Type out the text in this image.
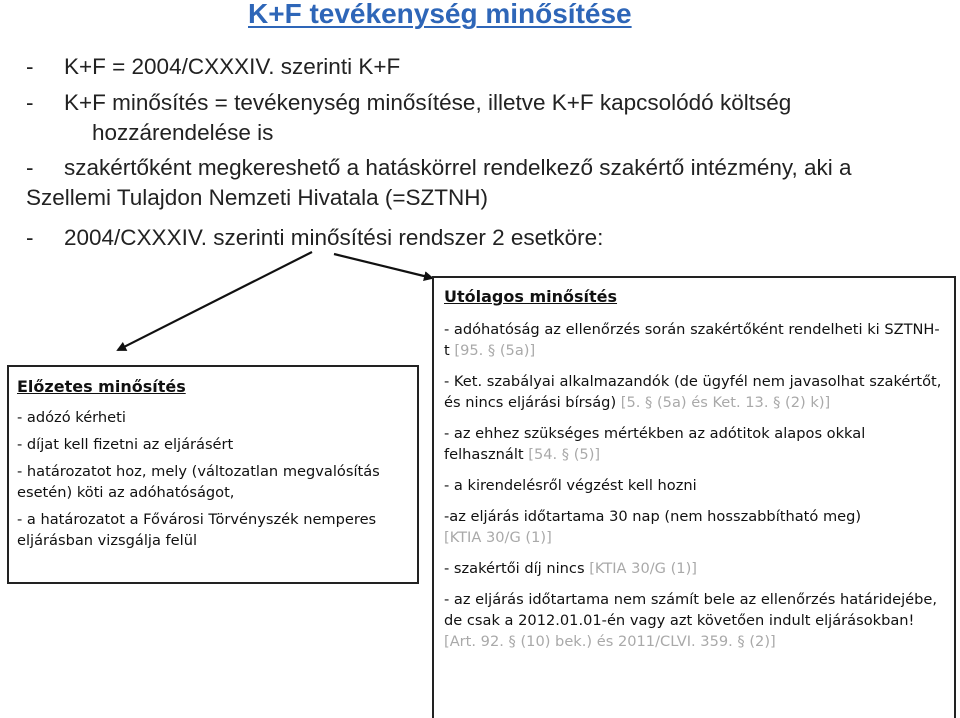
K+F tevékenység minősítése
- K+F = 2004/CXXXIV. szerinti K+F
- K+F minősítés = tevékenység minősítése, illetve K+F kapcsolódó költség
hozzárendelése is
- szakértőként megkereshető a hatáskörrel rendelkező szakértő intézmény, aki a
Szellemi Tulajdon Nemzeti Hivatala (=SZTNH)
- 2004/CXXXIV. szerinti minősítési rendszer 2 esetköre:

Előzetes minősítés

- adózó kérheti

- díjat kell fizetni az eljárásért

- határozatot hoz, mely (változatlan megvalósítás esetén) köti az adóhatóságot,

- a határozatot a Fővárosi Törvényszék nemperes eljárásban vizsgálja felül

Utólagos minősítés

- adóhatóság az ellenőrzés során szakértőként rendelheti ki SZTNH-t [95. § (5a)]

- Ket. szabályai alkalmazandók (de ügyfél nem javasolhat szakértőt, és nincs eljárási bírság) [5. § (5a) és Ket. 13. § (2) k)]

- az ehhez szükséges mértékben az adótitok alapos okkal felhasznált [54. § (5)]

- a kirendelésről végzést kell hozni

-az eljárás időtartama 30 nap (nem hosszabbítható meg)
[KTIA 30/G (1)]

- szakértői díj nincs [KTIA 30/G (1)]

- az eljárás időtartama nem számít bele az ellenőrzés határidejébe, de csak a 2012.01.01-én vagy azt követően indult eljárásokban!
[Art. 92. § (10) bek.) és 2011/CLVI. 359. § (2)]
